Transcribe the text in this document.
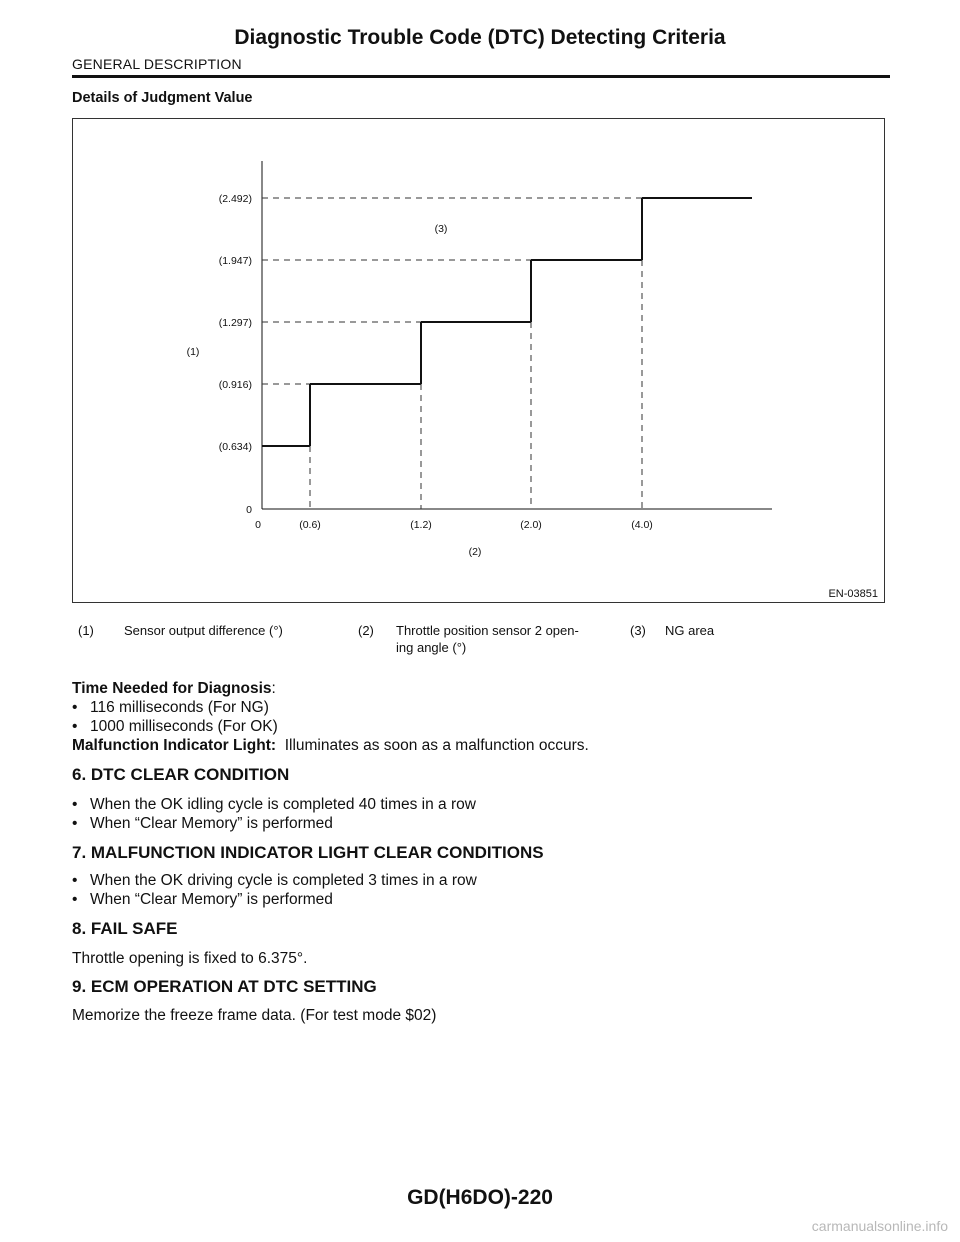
Diagnostic Trouble Code (DTC) Detecting Criteria
GENERAL DESCRIPTION
Details of Judgment Value
0
(0.634)
(0.916)
(1.297)
(1.947)
(2.492)
0	(0.6)	(1.2)	(2.0)	(4.0)
(1)
(2)
(3)
EN-03851
(1) Sensor output difference (°)	(2) Throttle position sensor 2 open-
ing angle (°)
(3) NG area
Time Needed for Diagnosis:
• 116 milliseconds (For NG)
• 1000 milliseconds (For OK)
Malfunction Indicator Light: Illuminates as soon as a malfunction occurs.
6. DTC CLEAR CONDITION
• When the OK idling cycle is completed 40 times in a row
• When “Clear Memory” is performed
7. MALFUNCTION INDICATOR LIGHT CLEAR CONDITIONS
• When the OK driving cycle is completed 3 times in a row
• When “Clear Memory” is performed
8. FAIL SAFE
Throttle opening is fixed to 6.375°.
9. ECM OPERATION AT DTC SETTING
Memorize the freeze frame data. (For test mode $02)
GD(H6DO)-220
carmanualsonline.info
